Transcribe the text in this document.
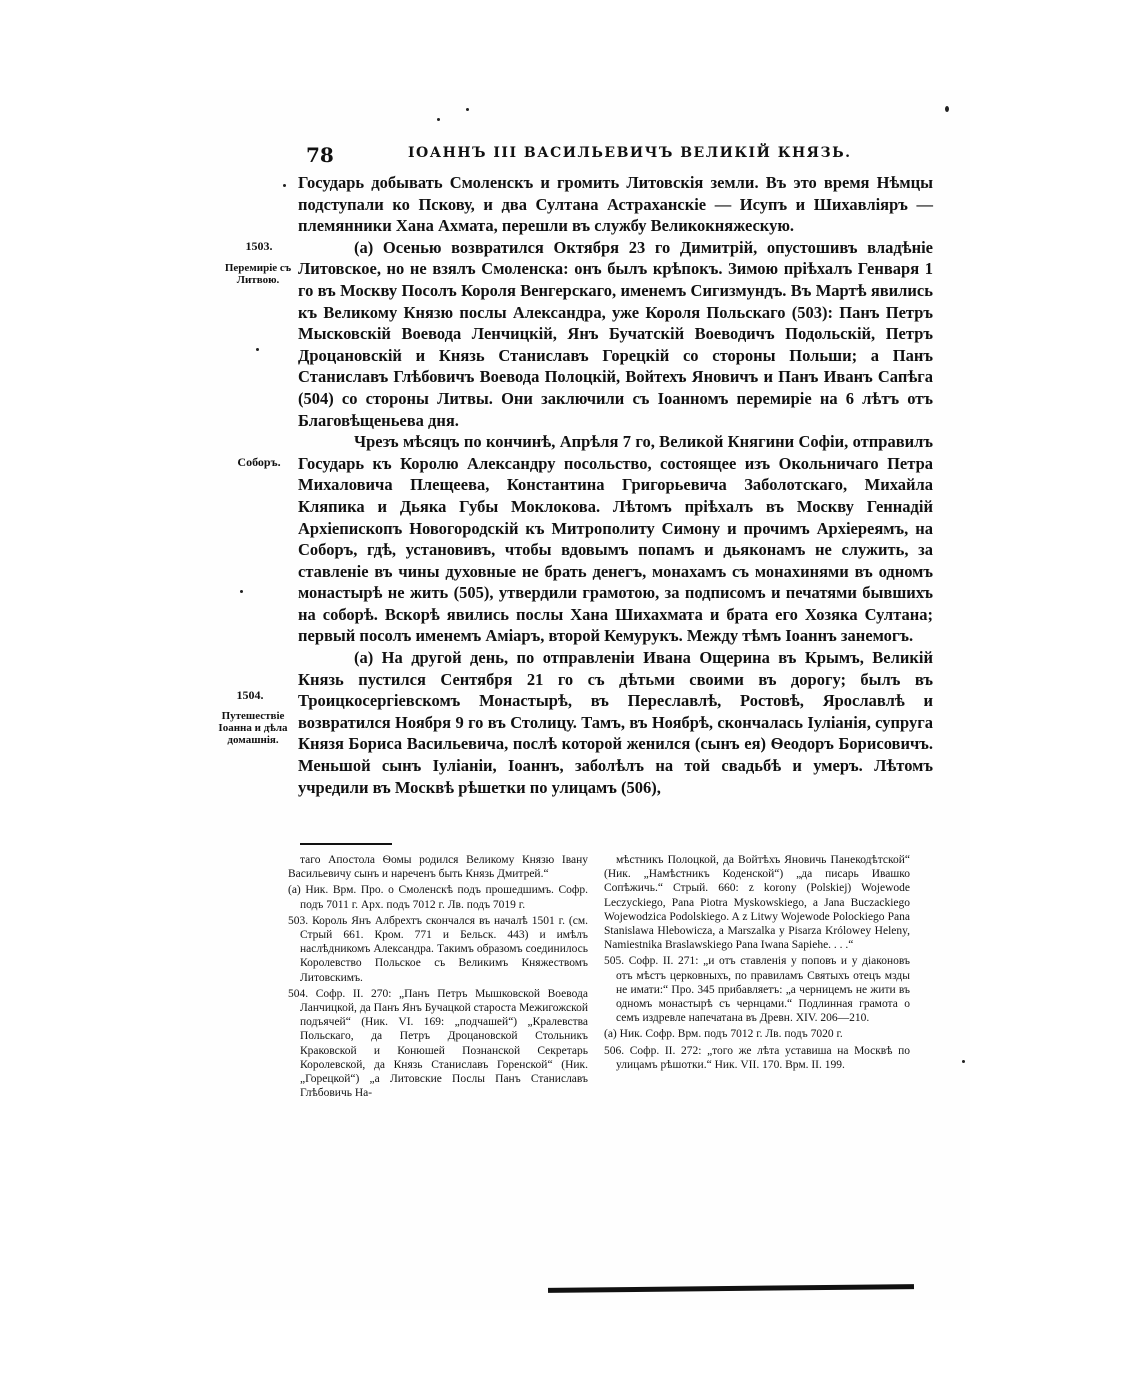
78	ІОАННЪ III ВАСИЛЬЕВИЧЪ ВЕЛИКІЙ КНЯЗЬ.
1503.
Перемиріе съ Литвою.
Соборъ.
1504.
Путешествіе Іоанна и дѣла домашнія.

Государь добывать Смоленскъ и громить Литовскія земли. Въ это время Нѣмцы подступали ко Пскову, и два Султана Астраханскіе — Исупъ и Шихавліяръ — племянники Хана Ахмата, перешли въ службу Великокняжескую.

(а) Осенью возвратился Октября 23 го Димитрій, опустошивъ владѣніе Литовское, но не взялъ Смоленска: онъ былъ крѣпокъ. Зимою пріѣхалъ Генваря 1 го въ Москву Посолъ Короля Венгерскаго, именемъ Сигизмундъ. Въ Мартѣ явились къ Великому Князю послы Александра, уже Короля Польскаго (503): Панъ Петръ Мысковскій Воевода Ленчицкій, Янъ Бучатскій Воеводичъ Подольскій, Петръ Дроцановскій и Князь Станиславъ Горецкій со стороны Польши; а Панъ Станиславъ Глѣбовичъ Воевода Полоцкій, Войтехъ Яновичъ и Панъ Иванъ Сапѣга (504) со стороны Литвы. Они заключили съ Іоанномъ перемиріе на 6 лѣтъ отъ Благовѣщеньева дня.

Чрезъ мѣсяцъ по кончинѣ, Апрѣля 7 го, Великой Княгини Софіи, отправилъ Государь къ Королю Александру посольство, состоящее изъ Окольничаго Петра Михаловича Плещеева, Константина Григорьевича Заболотскаго, Михайла Кляпика и Дьяка Губы Моклокова. Лѣтомъ пріѣхалъ въ Москву Геннадій Архіепископъ Новогородскій къ Митрополиту Симону и прочимъ Архіереямъ, на Соборъ, гдѣ, установивъ, чтобы вдовымъ попамъ и дьяконамъ не служить, за ставленіе въ чины духовные не брать денегъ, монахамъ съ монахинями въ одномъ монастырѣ не жить (505), утвердили грамотою, за подписомъ и печатями бывшихъ на соборѣ. Вскорѣ явились послы Хана Шихахмата и брата его Хозяка Султана; первый посолъ именемъ Аміаръ, второй Кемурукъ. Между тѣмъ Іоаннъ занемогъ.

(а) На другой день, по отправленіи Ивана Ощерина въ Крымъ, Великій Князь пустился Сентября 21 го съ дѣтьми своими въ дорогу; былъ въ Троицкосергіевскомъ Монастырѣ, въ Переславлѣ, Ростовѣ, Ярославлѣ и возвратился Ноября 9 го въ Столицу. Тамъ, въ Ноябрѣ, скончалась Іуліанія, супруга Князя Бориса Васильевича, послѣ которой женился (сынъ ея) Ѳеодоръ Борисовичъ. Меньшой сынъ Іуліаніи, Іоаннъ, заболѣлъ на той свадьбѣ и умеръ. Лѣтомъ учредили въ Москвѣ рѣшетки по улицамъ (506),

таго Апостола Ѳомы родился Великому Князю Івану Васильевичу сынъ и нареченъ быть Князь Дмитрей.“

(а) Ник. Врм. Про. о Смоленскѣ подъ прошедшимъ. Софр. подъ 7011 г. Арх. подъ 7012 г. Лв. подъ 7019 г.

503. Король Янъ Албрехтъ скончался въ началѣ 1501 г. (см. Стрый 661. Кром. 771 и Бельск. 443) и имѣлъ наслѣдникомъ Александра. Такимъ образомъ соединилось Королевство Польское съ Великимъ Княжествомъ Литовскимъ.

504. Софр. II. 270: „Панъ Петръ Мышковской Воевода Ланчицкой, да Панъ Янъ Бучацкой староста Межигожской подъячей“ (Ник. VI. 169: „подчашей“) „Кралевства Польскаго, да Петръ Дроцановской Стольникъ Краковской и Конюшей Познанской Секретарь Королевской, да Князь Станиславъ Горенской“ (Ник. „Горецкой“) „а Литовские Послы Панъ Станиславъ Глѣбовичь На-

мѣстникъ Полоцкой, да Войтѣхъ Яновичь Панекодѣтской“ (Ник. „Намѣстникъ Коденской“) „да писарь Ивашко Сопѣжичь.“ Стрый. 660: z korony (Polskiej) Wojewode Leczyckiego, Pana Piotra Myskowskiego, a Jana Buczackiego Wojewodzica Podolskiego. A z Litwy Wojewode Polockiego Pana Stanislawa Hlebowicza, a Marszalka y Pisarza Królowey Heleny, Namiestnika Braslawskiego Pana Iwana Sapiehe. . . .“

505. Софр. II. 271: „и отъ ставленія у поповъ и у діаконовъ отъ мѣстъ церковныхъ, по правиламъ Святыхъ отецъ мзды не имати:“ Про. 345 прибавляетъ: „а черницемъ не жити въ одномъ монастырѣ съ чернцами.“ Подлинная грамота о семъ издревле напечатана въ Древн. XIV. 206—210.

(а) Ник. Софр. Врм. подъ 7012 г. Лв. подъ 7020 г.

506. Софр. II. 272: „того же лѣта уставиша на Москвѣ по улицамъ рѣшотки.“ Ник. VII. 170. Врм. II. 199.
